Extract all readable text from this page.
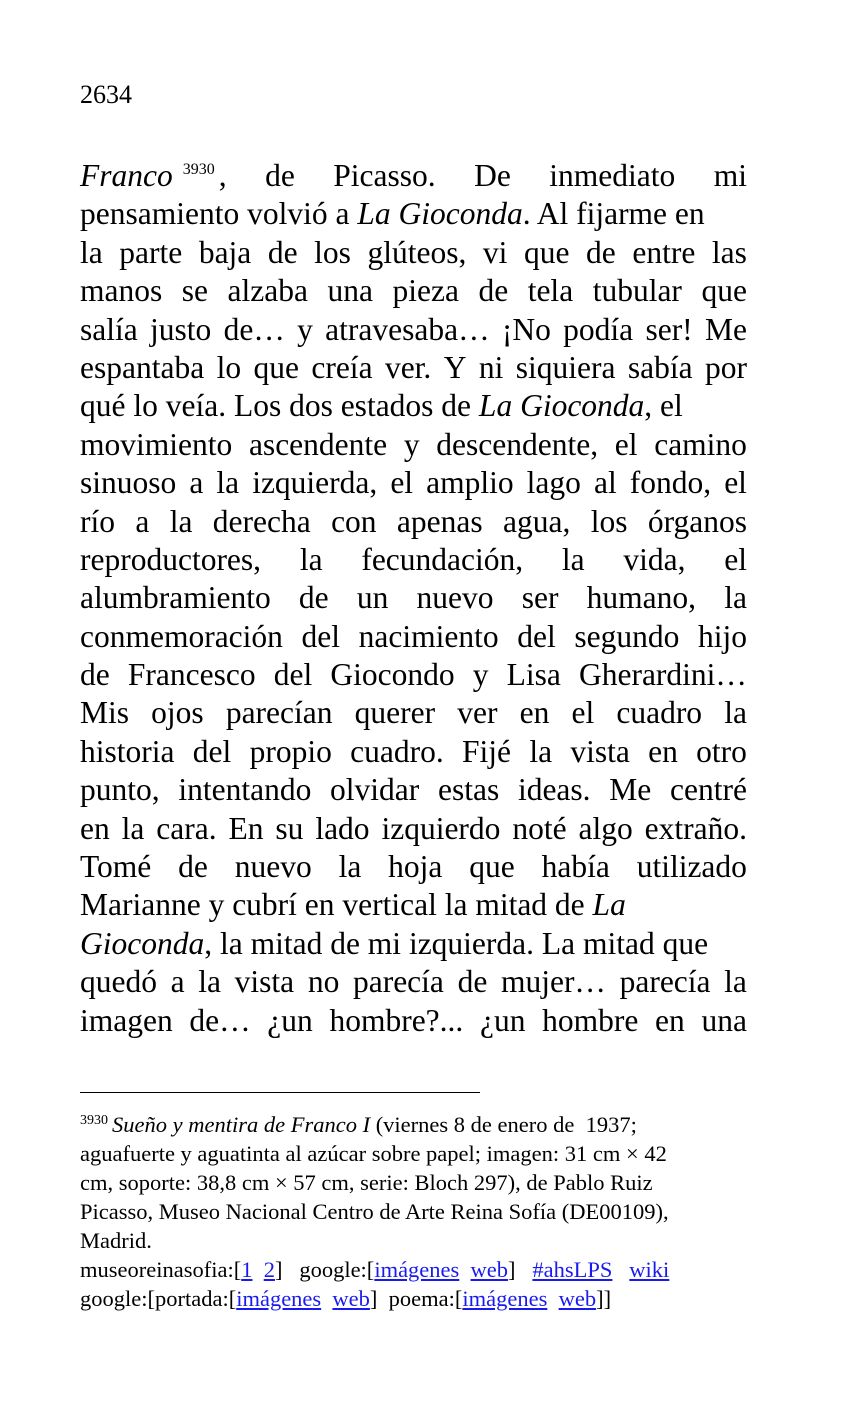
2634
Franco $^{3930}$ , de Picasso. De inmediato mi
pensamiento volvió a La Gioconda. Al fijarme en
la parte baja de los glúteos, vi que de entre las
manos se alzaba una pieza de tela tubular que
salía justo de… y atravesaba… ¡No podía ser! Me
espantaba lo que creía ver. Y ni siquiera sabía por
qué lo veía. Los dos estados de La Gioconda, el
movimiento ascendente y descendente, el camino
sinuoso a la izquierda, el amplio lago al fondo, el
río a la derecha con apenas agua, los órganos
reproductores, la fecundación, la vida, el
alumbramiento de un nuevo ser humano, la
conmemoración del nacimiento del segundo hijo
de Francesco del Giocondo y Lisa Gherardini…
Mis ojos parecían querer ver en el cuadro la
historia del propio cuadro. Fijé la vista en otro
punto, intentando olvidar estas ideas. Me centré
en la cara. En su lado izquierdo noté algo extraño.
Tomé de nuevo la hoja que había utilizado
Marianne y cubrí en vertical la mitad de La
Gioconda, la mitad de mi izquierda. La mitad que
quedó a la vista no parecía de mujer… parecía la
imagen de… ¿un hombre?... ¿un hombre en una
$^{3930}$ Sueño y mentira de Franco I (viernes 8 de enero de  1937;
aguafuerte y aguatinta al azúcar sobre papel; imagen: 31 cm × 42
cm, soporte: 38,8 cm × 57 cm, serie: Bloch 297), de Pablo Ruiz
Picasso, Museo Nacional Centro de Arte Reina Sofía (DE00109),
Madrid.
museoreinasofia:[1 2]   google:[imágenes web] #ahsLPS wiki
google:[portada:[imágenes web]  poema:[imágenes web]]
